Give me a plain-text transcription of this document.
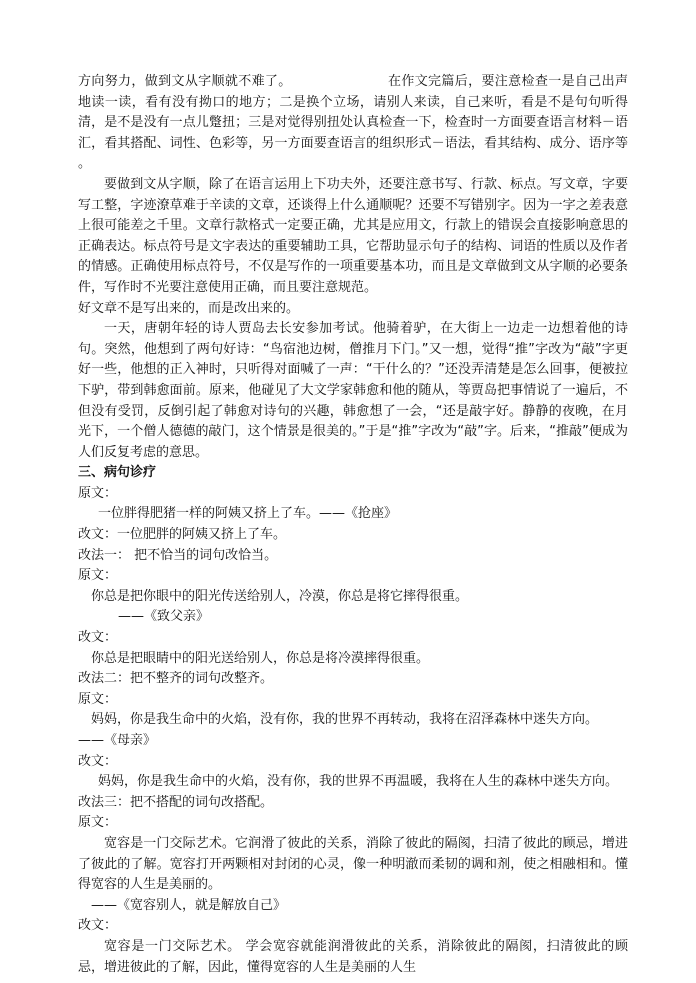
方向努力，做到文从字顺就不难了。	在作文完篇后，要注意检查一是自己出声地读一读，看有没有拗口的地方；二是换个立场，请别人来读，自己来听，看是不是句句听得清，是不是没有一点儿蹩扭；三是对觉得别扭处认真检查一下，检查时一方面要查语言材料－语汇，看其搭配、词性、色彩等，另一方面要查语言的组织形式－语法，看其结构、成分、语序等 。

要做到文从字顺，除了在语言运用上下功夫外，还要注意书写、行款、标点。写文章，字要写工整，字迹潦草难于辛读的文章，还谈得上什么通顺呢？还要不写错别字。因为一字之差表意上很可能差之千里。文章行款格式一定要正确，尤其是应用文，行款上的错误会直接影响意思的正确表达。标点符号是文字表达的重要辅助工具，它帮助显示句子的结构、词语的性质以及作者的情感。正确使用标点符号，不仅是写作的一项重要基本功，而且是文章做到文从字顺的必要条件，写作时不光要注意使用正确，而且要注意规范。

好文章不是写出来的，而是改出来的。

一天，唐朝年轻的诗人贾岛去长安参加考试。他骑着驴，在大街上一边走一边想着他的诗句。突然，他想到了两句好诗：“鸟宿池边树，僧推月下门。”又一想，觉得“推”字改为“敲”字更好一些，他想的正入神时，只听得对面喊了一声：“干什么的？”还没弄清楚是怎么回事，便被拉下驴，带到韩愈面前。原来，他碰见了大文学家韩愈和他的随从，等贾岛把事情说了一遍后，不但没有受罚，反倒引起了韩愈对诗句的兴趣，韩愈想了一会，“还是敲字好。静静的夜晚，在月光下，一个僧人德德的敲门，这个情景是很美的。”于是“推”字改为“敲”字。后来，“推敲”便成为人们反复考虑的意思。

三、病句诊疗

原文：

一位胖得肥猪一样的阿姨又挤上了车。——《抢座》

改文：一位肥胖的阿姨又挤上了车。

改法一： 把不恰当的词句改恰当。

原文：

你总是把你眼中的阳光传送给别人，冷漠，你总是将它摔得很重。

——《致父亲》

改文：

你总是把眼睛中的阳光送给别人，你总是将冷漠摔得很重。

改法二：把不整齐的词句改整齐。

原文：

妈妈，你是我生命中的火焰，没有你，我的世界不再转动，我将在沼泽森林中迷失方向。

——《母亲》

改文：

妈妈，你是我生命中的火焰，没有你，我的世界不再温暖，我将在人生的森林中迷失方向。

改法三：把不搭配的词句改搭配。

原文：

宽容是一门交际艺术。它润滑了彼此的关系，消除了彼此的隔阂，扫清了彼此的顾忌，增进了彼此的了解。宽容打开两颗相对封闭的心灵，像一种明澈而柔韧的调和剂，使之相融相和。懂得宽容的人生是美丽的。

——《宽容别人，就是解放自己》

改文：

宽容是一门交际艺术。 学会宽容就能润滑彼此的关系，消除彼此的隔阂，扫清彼此的顾忌，增进彼此的了解，因此，懂得宽容的人生是美丽的人生
